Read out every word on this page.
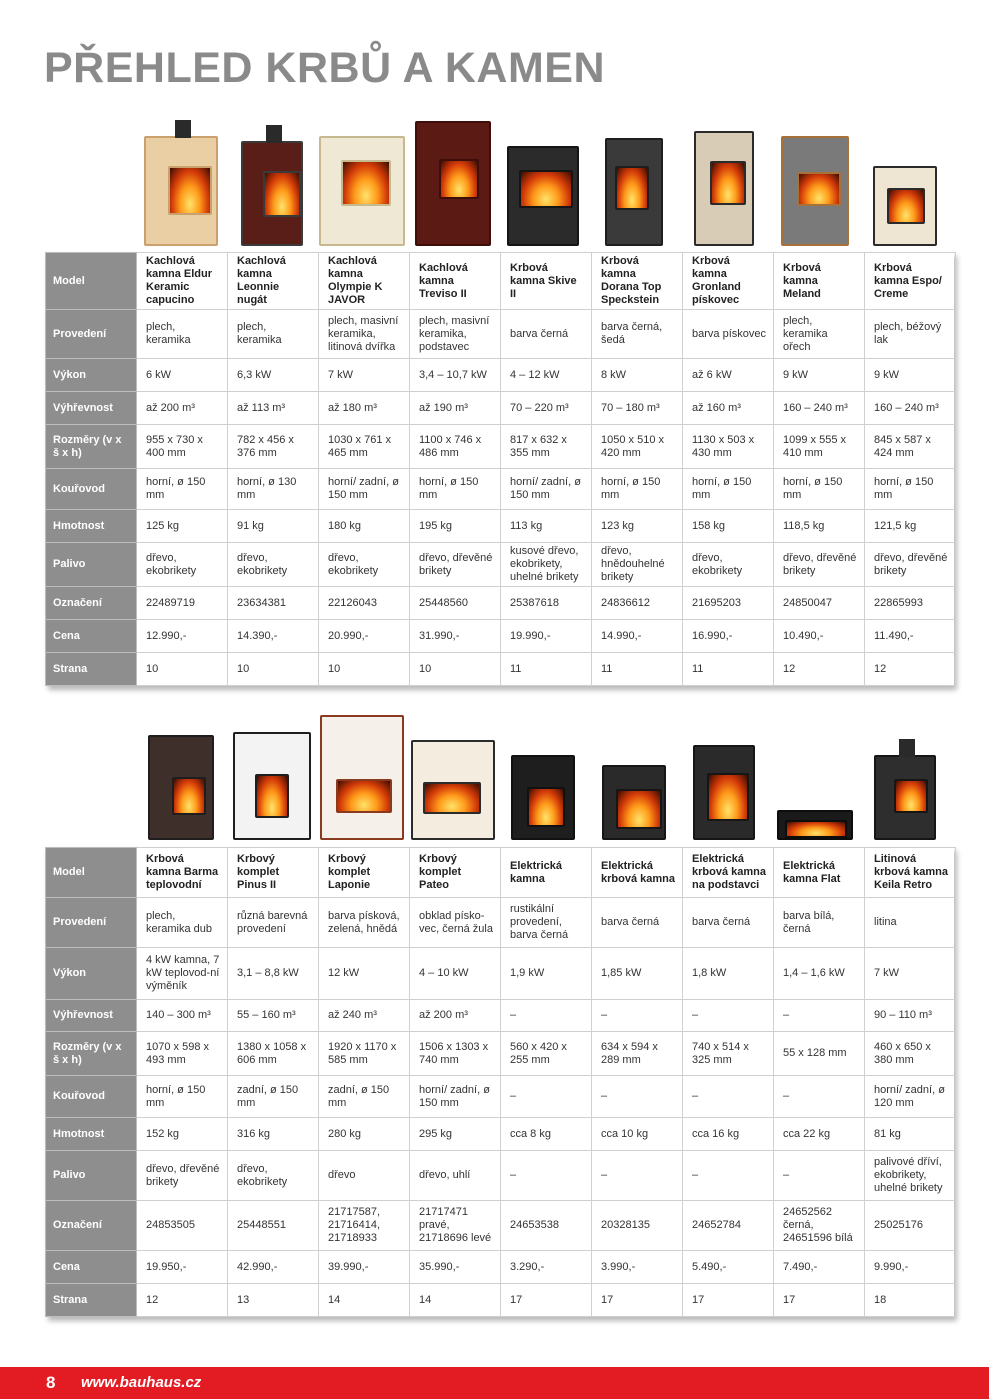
PŘEHLED KRBŮ A KAMEN
Model	Kachlová kamna Eldur Keramic capucino	Kachlová kamna Leonnie nugát	Kachlová kamna Olympie K JAVOR	Kachlová kamna Treviso II	Krbová kamna Skive II	Krbová kamna Dorana Top Speckstein	Krbová kamna Gronland pískovec	Krbová kamna Meland	Krbová kamna Espo/ Creme
Provedení	plech, keramika	plech, keramika	plech, masivní keramika, litinová dvířka	plech, masivní keramika, podstavec	barva černá	barva černá, šedá	barva pískovec	plech, keramika ořech	plech, béžový lak
Výkon	6 kW	6,3 kW	7 kW	3,4 – 10,7 kW	4 – 12 kW	8 kW	až 6 kW	9 kW	9 kW
Výhřevnost	až 200 m³	až 113 m³	až 180 m³	až 190 m³	70 – 220 m³	70 – 180 m³	až 160 m³	160 – 240 m³	160 – 240 m³
Rozměry (v x š x h)	955 x 730 x 400 mm	782 x 456 x 376 mm	1030 x 761 x 465 mm	1100 x 746 x 486 mm	817 x 632 x 355 mm	1050 x 510 x 420 mm	1130 x 503 x 430 mm	1099 x 555 x 410 mm	845 x 587 x 424 mm
Kouřovod	horní, ø 150 mm	horní, ø 130 mm	horní/ zadní, ø 150 mm	horní, ø 150 mm	horní/ zadní, ø 150 mm	horní, ø 150 mm	horní, ø 150 mm	horní, ø 150 mm	horní, ø 150 mm
Hmotnost	125 kg	91 kg	180 kg	195 kg	113 kg	123 kg	158 kg	118,5 kg	121,5 kg
Palivo	dřevo, ekobrikety	dřevo, ekobrikety	dřevo, ekobrikety	dřevo, dřevěné brikety	kusové dřevo, ekobrikety, uhelné brikety	dřevo, hnědouhelné brikety	dřevo, ekobrikety	dřevo, dřevěné brikety	dřevo, dřevěné brikety
Označení	22489719	23634381	22126043	25448560	25387618	24836612	21695203	24850047	22865993
Cena	12.990,-	14.390,-	20.990,-	31.990,-	19.990,-	14.990,-	16.990,-	10.490,-	11.490,-
Strana	10	10	10	10	11	11	11	12	12
Model	Krbová kamna Barma teplovodní	Krbový komplet Pinus II	Krbový komplet Laponie	Krbový komplet Pateo	Elektrická kamna	Elektrická krbová kamna	Elektrická krbová kamna na podstavci	Elektrická kamna Flat	Litinová krbová kamna Keila Retro
Provedení	plech, keramika dub	různá barevná provedení	barva písková, zelená, hnědá	obklad písko-vec, černá žula	rustikální provedení, barva černá	barva černá	barva černá	barva bílá, černá	litina
Výkon	4 kW kamna, 7 kW teplovod-ní výměník	3,1 – 8,8 kW	12 kW	4 – 10 kW	1,9 kW	1,85 kW	1,8 kW	1,4 – 1,6 kW	7 kW
Výhřevnost	140 – 300 m³	55 – 160 m³	až 240 m³	až 200 m³	–	–	–	–	90 – 110 m³
Rozměry (v x š x h)	1070 x 598 x 493 mm	1380 x 1058 x 606 mm	1920 x 1170 x 585 mm	1506 x 1303 x 740 mm	560 x 420 x 255 mm	634 x 594 x 289 mm	740 x 514 x 325 mm	55 x 128 mm	460 x 650 x 380 mm
Kouřovod	horní, ø 150 mm	zadní, ø 150 mm	zadní, ø 150 mm	horní/ zadní, ø 150 mm	–	–	–	–	horní/ zadní, ø 120 mm
Hmotnost	152 kg	316 kg	280 kg	295 kg	cca 8 kg	cca 10 kg	cca 16 kg	cca 22 kg	81 kg
Palivo	dřevo, dřevěné brikety	dřevo, ekobrikety	dřevo	dřevo, uhlí	–	–	–	–	palivové dříví, ekobrikety, uhelné brikety
Označení	24853505	25448551	21717587, 21716414, 21718933	21717471 pravé, 21718696 levé	24653538	20328135	24652784	24652562 černá, 24651596 bílá	25025176
Cena	19.950,-	42.990,-	39.990,-	35.990,-	3.290,-	3.990,-	5.490,-	7.490,-	9.990,-
Strana	12	13	14	14	17	17	17	17	18
8 www.bauhaus.cz
